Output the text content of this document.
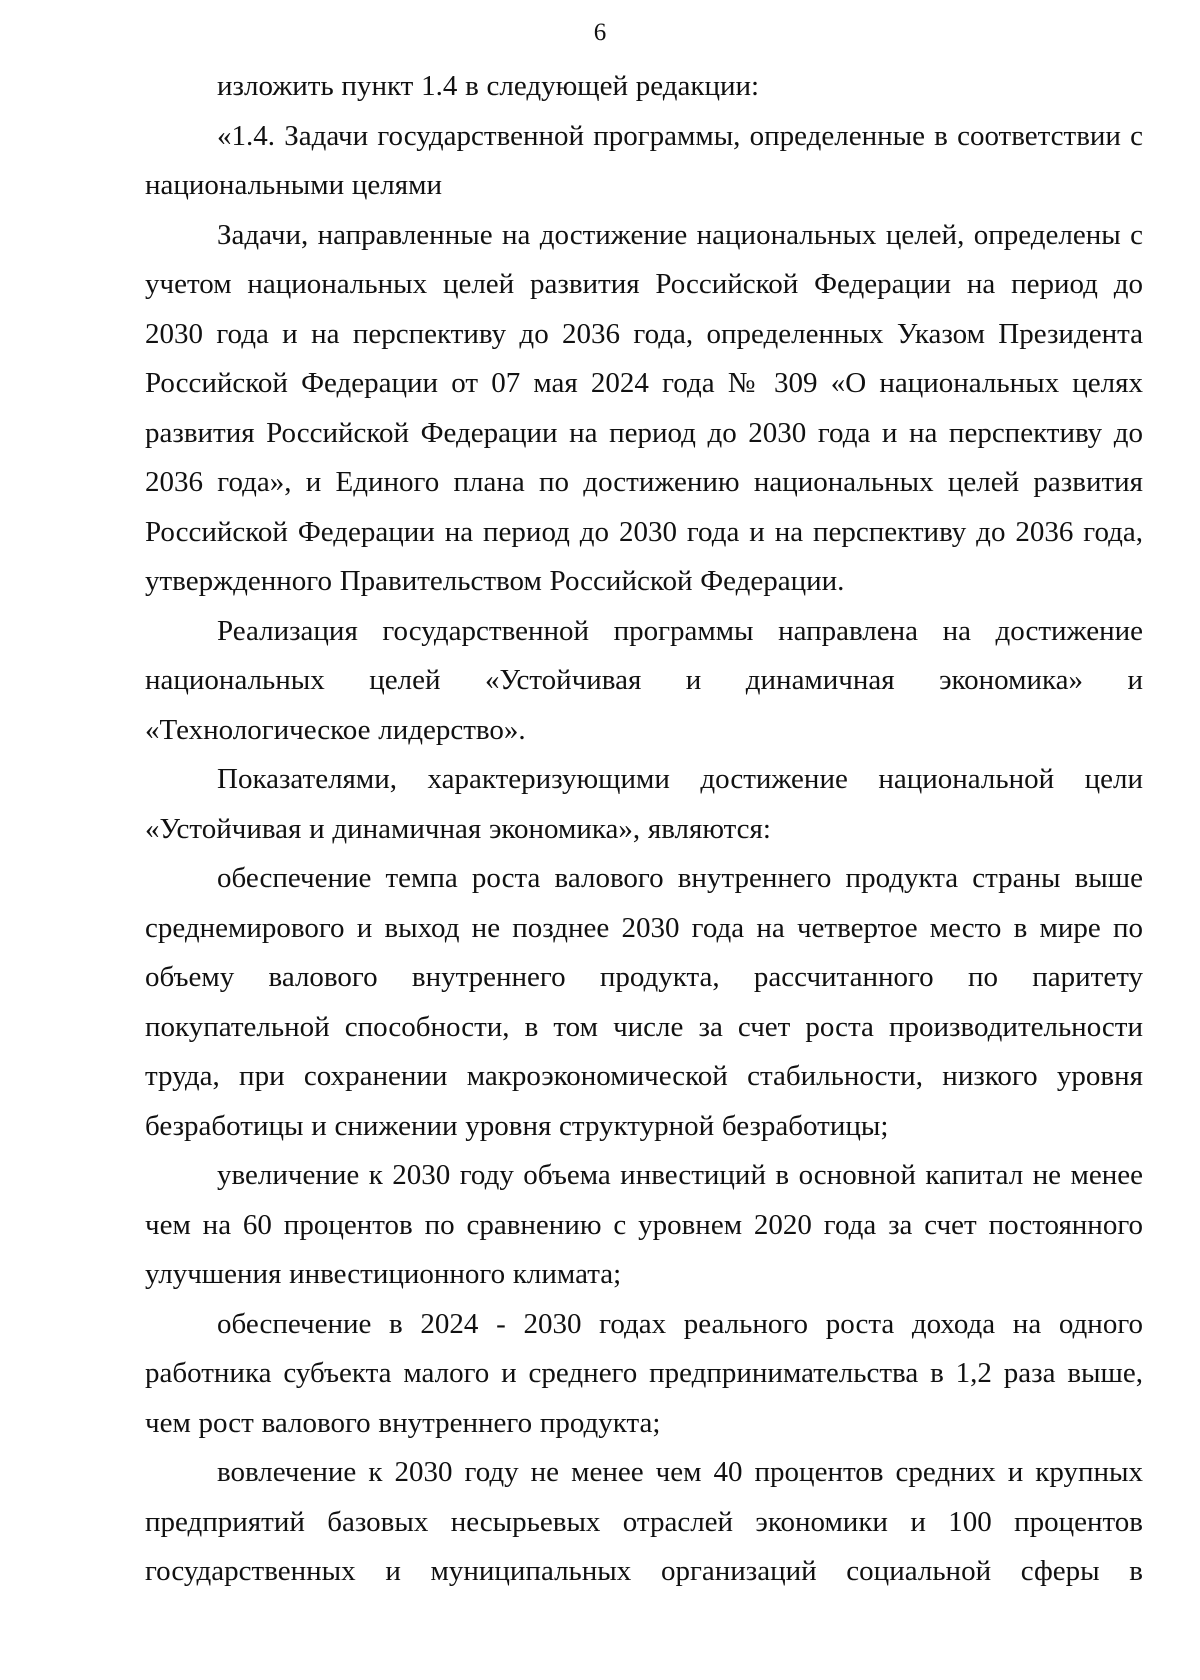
6

изложить пункт 1.4 в следующей редакции:

«1.4. Задачи государственной программы, определенные в соответствии с национальными целями

Задачи, направленные на достижение национальных целей, определены с учетом национальных целей развития Российской Федерации на период до 2030 года и на перспективу до 2036 года, определенных Указом Президента Российской Федерации от 07 мая 2024 года № 309 «О национальных целях развития Российской Федерации на период до 2030 года и на перспективу до 2036 года», и Единого плана по достижению национальных целей развития Российской Федерации на период до 2030 года и на перспективу до 2036 года, утвержденного Правительством Российской Федерации.

Реализация государственной программы направлена на достижение национальных целей «Устойчивая и динамичная экономика» и «Технологическое лидерство».

Показателями, характеризующими достижение национальной цели «Устойчивая и динамичная экономика», являются:

обеспечение темпа роста валового внутреннего продукта страны выше среднемирового и выход не позднее 2030 года на четвертое место в мире по объему валового внутреннего продукта, рассчитанного по паритету покупательной способности, в том числе за счет роста производительности труда, при сохранении макроэкономической стабильности, низкого уровня безработицы и снижении уровня структурной безработицы;

увеличение к 2030 году объема инвестиций в основной капитал не менее чем на 60 процентов по сравнению с уровнем 2020 года за счет постоянного улучшения инвестиционного климата;

обеспечение в 2024 - 2030 годах реального роста дохода на одного работника субъекта малого и среднего предпринимательства в 1,2 раза выше, чем рост валового внутреннего продукта;

вовлечение к 2030 году не менее чем 40 процентов средних и крупных предприятий базовых несырьевых отраслей экономики и 100 процентов государственных и муниципальных организаций социальной сферы в
